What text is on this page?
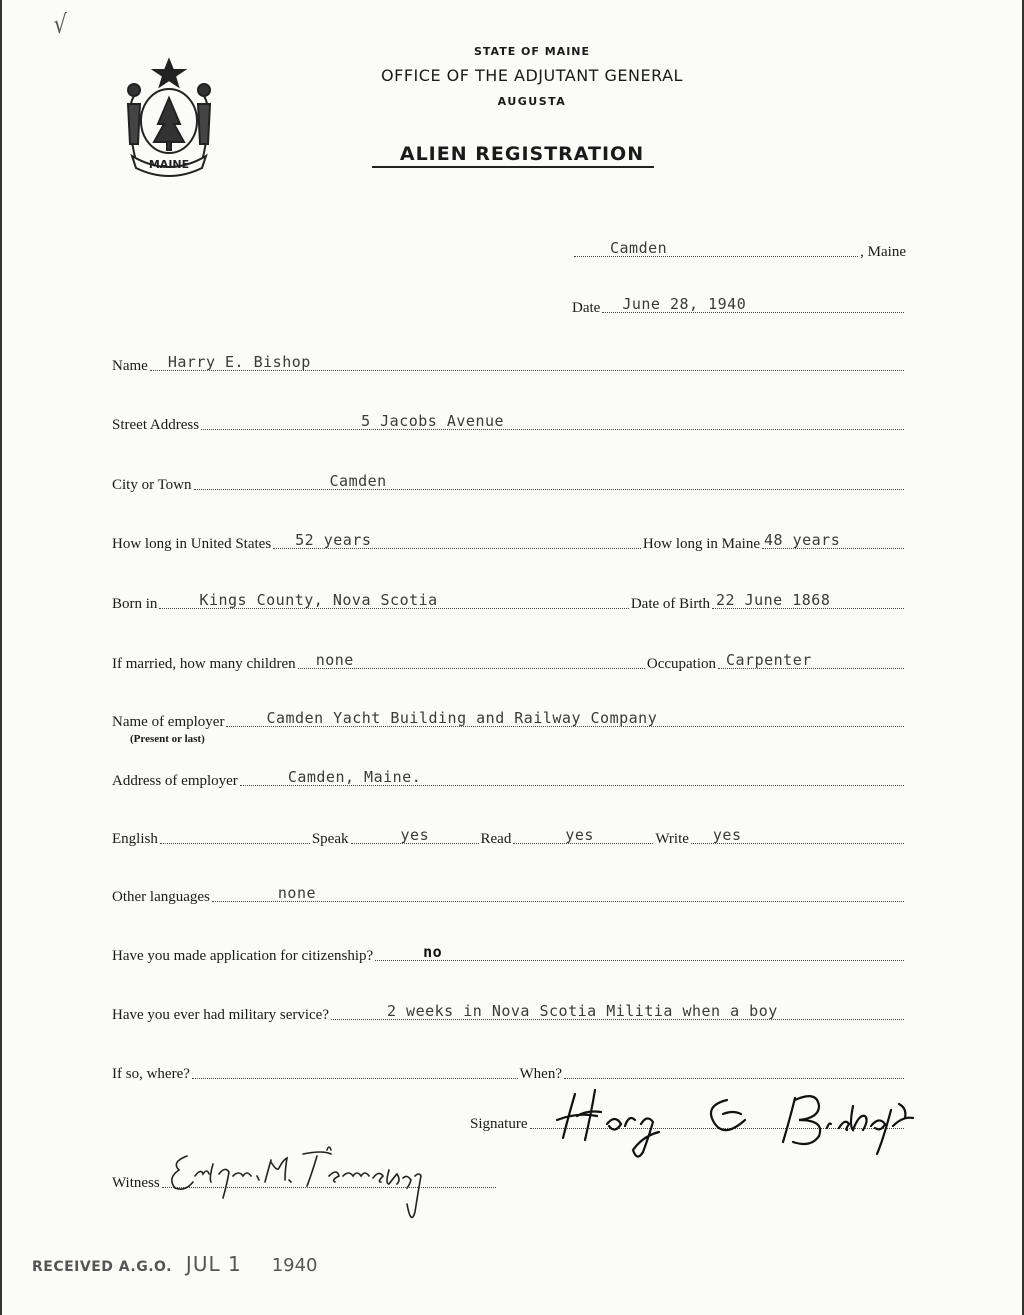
√
MAINE
STATE OF MAINE
OFFICE OF THE ADJUTANT GENERAL
AUGUSTA
ALIEN REGISTRATION
Camden	, Maine
Date June 28, 1940
Name Harry E. Bishop
Street Address	5 Jacobs Avenue
City or Town	Camden
How long in United States 52 years	How long in Maine 48 years
Born in	Kings County, Nova Scotia	Date of Birth 22 June 1868
If married, how many children none	Occupation Carpenter
Name of employer	Camden Yacht Building and Railway Company
(Present or last)
Address of employer	Camden, Maine.
English	Speak	yes	Read	yes	Write yes
Other languages	none
Have you made application for citizenship?	no
Have you ever had military service?	2 weeks in Nova Scotia Militia when a boy
If so, where?	When?
Signature
Witness
RECEIVED A.G.O. JUL 1 1940
